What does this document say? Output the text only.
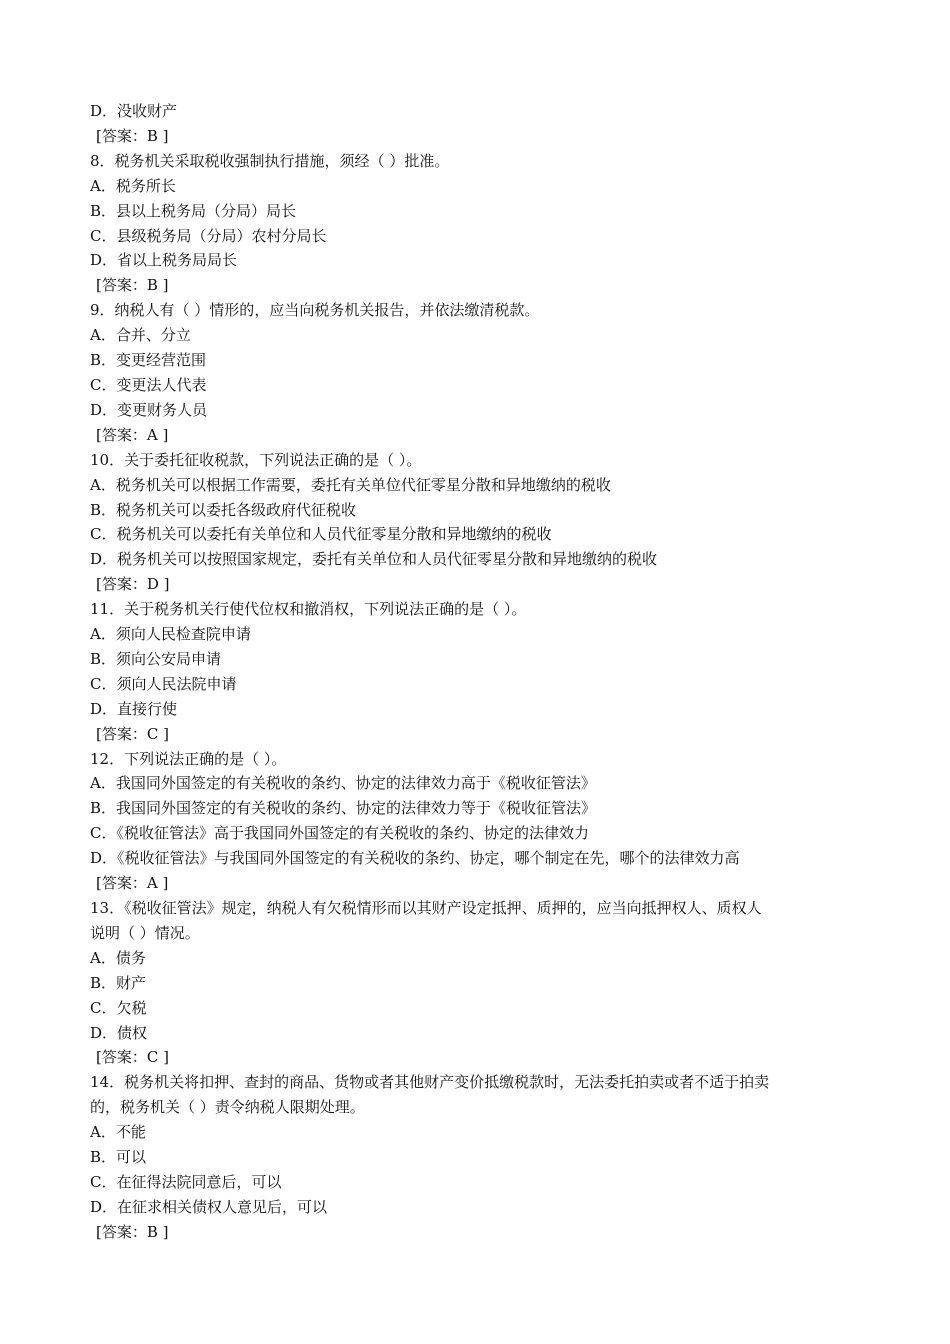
D．没收财产
[答案：B ]
8．税务机关采取税收强制执行措施，须经（ ）批准。
A．税务所长
B．县以上税务局（分局）局长
C．县级税务局（分局）农村分局长
D．省以上税务局局长
[答案：B ]
9．纳税人有（ ）情形的，应当向税务机关报告，并依法缴清税款。
A．合并、分立
B．变更经营范围
C．变更法人代表
D．变更财务人员
[答案：A ]
10．关于委托征收税款，下列说法正确的是（ ）。
A．税务机关可以根据工作需要，委托有关单位代征零星分散和异地缴纳的税收
B．税务机关可以委托各级政府代征税收
C．税务机关可以委托有关单位和人员代征零星分散和异地缴纳的税收
D．税务机关可以按照国家规定，委托有关单位和人员代征零星分散和异地缴纳的税收
[答案：D ]
11．关于税务机关行使代位权和撤消权，下列说法正确的是（ ）。
A．须向人民检查院申请
B．须向公安局申请
C．须向人民法院申请
D．直接行使
[答案：C ]
12．下列说法正确的是（ ）。
A．我国同外国签定的有关税收的条约、协定的法律效力高于《税收征管法》
B．我国同外国签定的有关税收的条约、协定的法律效力等于《税收征管法》
C．《税收征管法》高于我国同外国签定的有关税收的条约、协定的法律效力
D．《税收征管法》与我国同外国签定的有关税收的条约、协定，哪个制定在先，哪个的法律效力高
[答案：A ]
13．《税收征管法》规定，纳税人有欠税情形而以其财产设定抵押、质押的，应当向抵押权人、质权人
说明（ ）情况。
A．债务
B．财产
C．欠税
D．债权
[答案：C ]
14．税务机关将扣押、查封的商品、货物或者其他财产变价抵缴税款时，无法委托拍卖或者不适于拍卖
的，税务机关（ ）责令纳税人限期处理。
A．不能
B．可以
C．在征得法院同意后，可以
D．在征求相关债权人意见后，可以
[答案：B ]
